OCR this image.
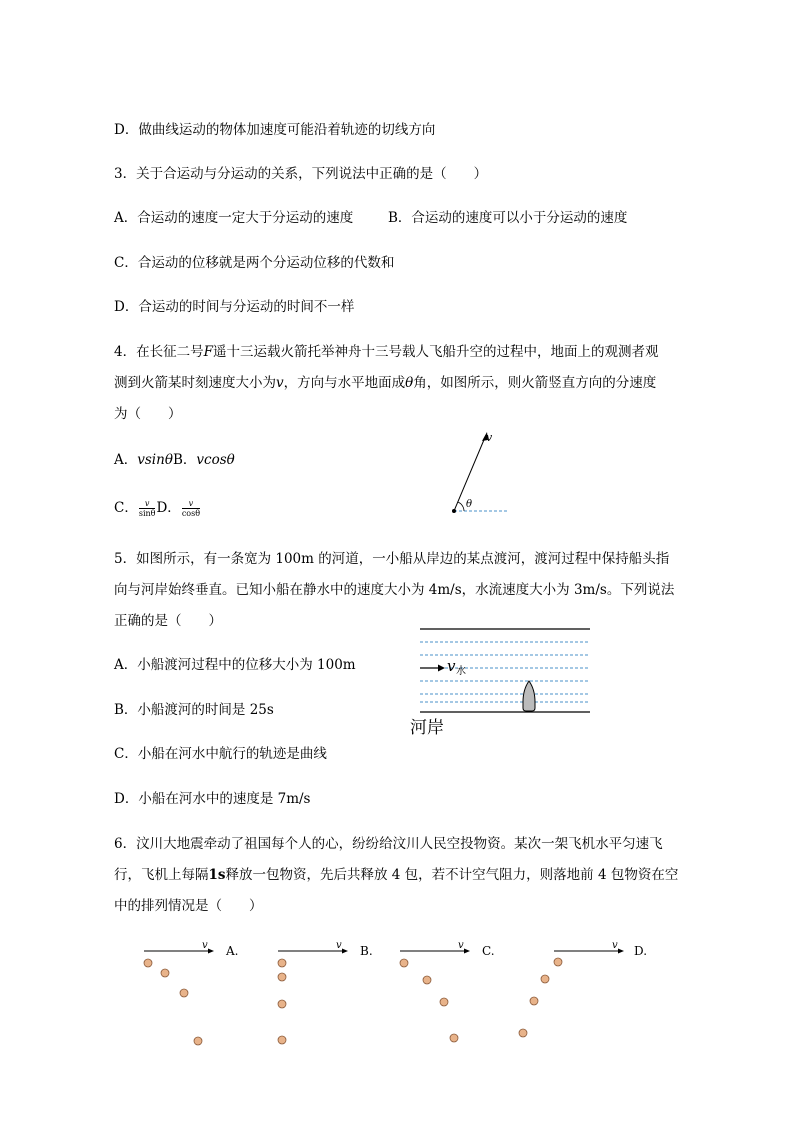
D．做曲线运动的物体加速度可能沿着轨迹的切线方向
3．关于合运动与分运动的关系，下列说法中正确的是（　　）
A．合运动的速度一定大于分运动的速度	B．合运动的速度可以小于分运动的速度
C．合运动的位移就是两个分运动位移的代数和
D．合运动的时间与分运动的时间不一样
4．在长征二号F遥十三运载火箭托举神舟十三号载人飞船升空的过程中，地面上的观测者观
测到火箭某时刻速度大小为v，方向与水平地面成θ角，如图所示，则火箭竖直方向的分速度
为（　　）
A．vsinθB．vcosθ
C． $\frac{v}{\sin\theta}$ D． $\frac{v}{\cos\theta}$
v
θ
5．如图所示，有一条宽为 100m 的河道，一小船从岸边的某点渡河，渡河过程中保持船头指
向与河岸始终垂直。已知小船在静水中的速度大小为 4m/s，水流速度大小为 3m/s。下列说法
正确的是（　　）
A．小船渡河过程中的位移大小为 100m
B．小船渡河的时间是 25s
C．小船在河水中航行的轨迹是曲线
D．小船在河水中的速度是 7m/s
v 水
河岸
6．汶川大地震牵动了祖国每个人的心，纷纷给汶川人民空投物资。某次一架飞机水平匀速飞
行，飞机上每隔1s释放一包物资，先后共释放 4 包，若不计空气阻力，则落地前 4 包物资在空
中的排列情况是（　　）
v A.	v B.	v C.	v D.
